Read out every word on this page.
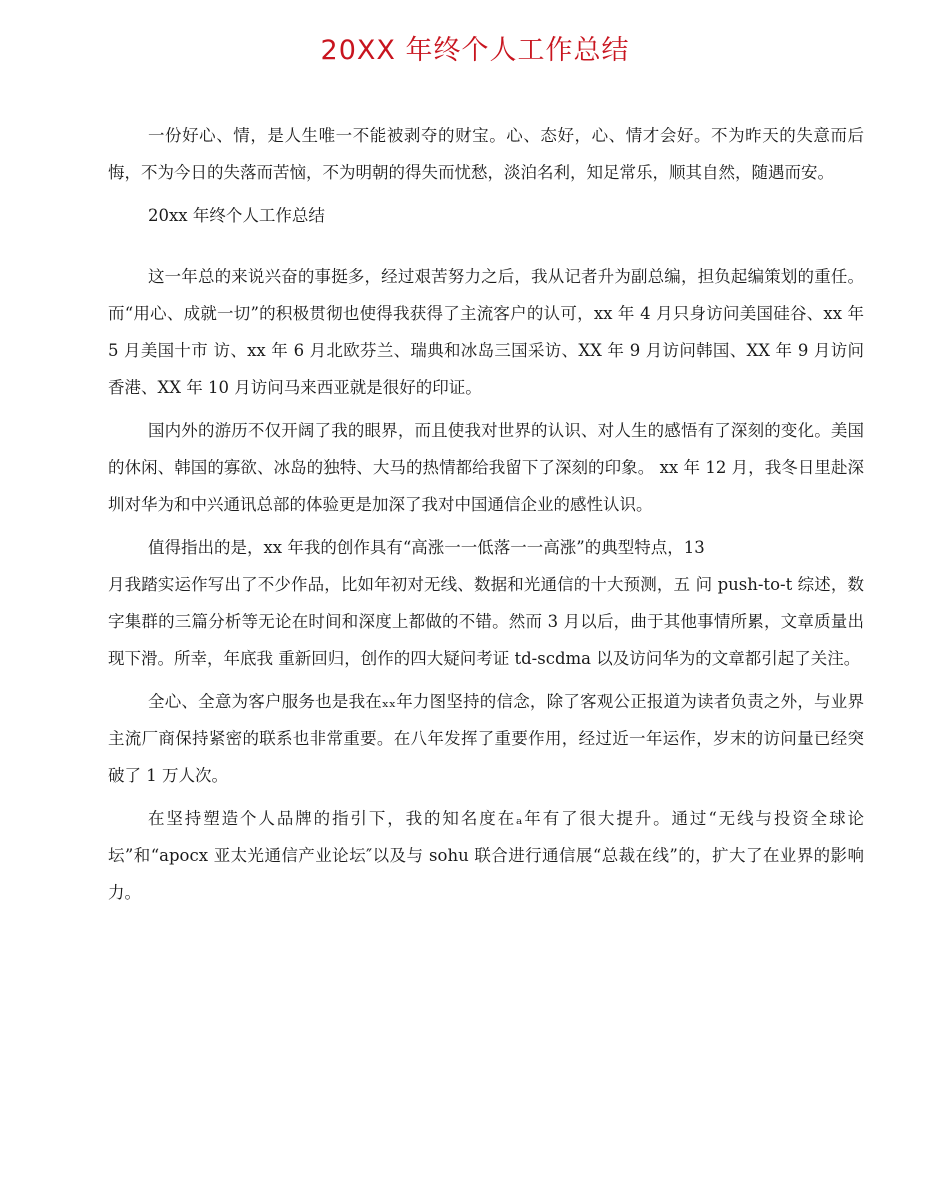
20XX 年终个人工作总结

一份好心、情，是人生唯一不能被剥夺的财宝。心、态好，心、情才会好。不为昨天的失意而后悔，不为今日的失落而苦恼，不为明朝的得失而忧愁，淡泊名利，知足常乐，顺其自然，随遇而安。

20xx 年终个人工作总结

这一年总的来说兴奋的事挺多，经过艰苦努力之后，我从记者升为副总编，担负起编策划的重任。而“用心、成就一切”的积极贯彻也使得我获得了主流客户的认可，xx 年 4 月只身访问美国硅谷、xx 年 5 月美国十市 访、xx 年 6 月北欧芬兰、瑞典和冰岛三国采访、XX 年 9 月访问韩国、XX 年 9 月访问香港、XX 年 10 月访问马来西亚就是很好的印证。

国内外的游历不仅开阔了我的眼界，而且使我对世界的认识、对人生的感悟有了深刻的变化。美国的休闲、韩国的寡欲、冰岛的独特、大马的热情都给我留下了深刻的印象。 xx 年 12 月，我冬日里赴深圳对华为和中兴通讯总部的体验更是加深了我对中国通信企业的感性认识。

值得指出的是，xx 年我的创作具有“高涨一一低落一一高涨”的典型特点，13

月我踏实运作写出了不少作品，比如年初对无线、数据和光通信的十大预测，五 问 push-to-t 综述，数字集群的三篇分析等无论在时间和深度上都做的不错。然而 3 月以后，曲于其他事情所累，文章质量出现下滑。所幸，年底我 重新回归，创作的四大疑问考证 td-scdma 以及访问华为的文章都引起了关注。

全心、全意为客户服务也是我在ₓₓ年力图坚持的信念，除了客观公正报道为读者负责之外，与业界主流厂商保持紧密的联系也非常重要。在八年发挥了重要作用，经过近一年运作，岁末的访问量已经突破了 1 万人次。

在坚持塑造个人品牌的指引下，我的知名度在ₐ年有了很大提升。通过“无线与投资全球论坛”和“apocx 亚太光通信产业论坛″以及与 sohu 联合进行通信展“总裁在线”的，扩大了在业界的影响力。
